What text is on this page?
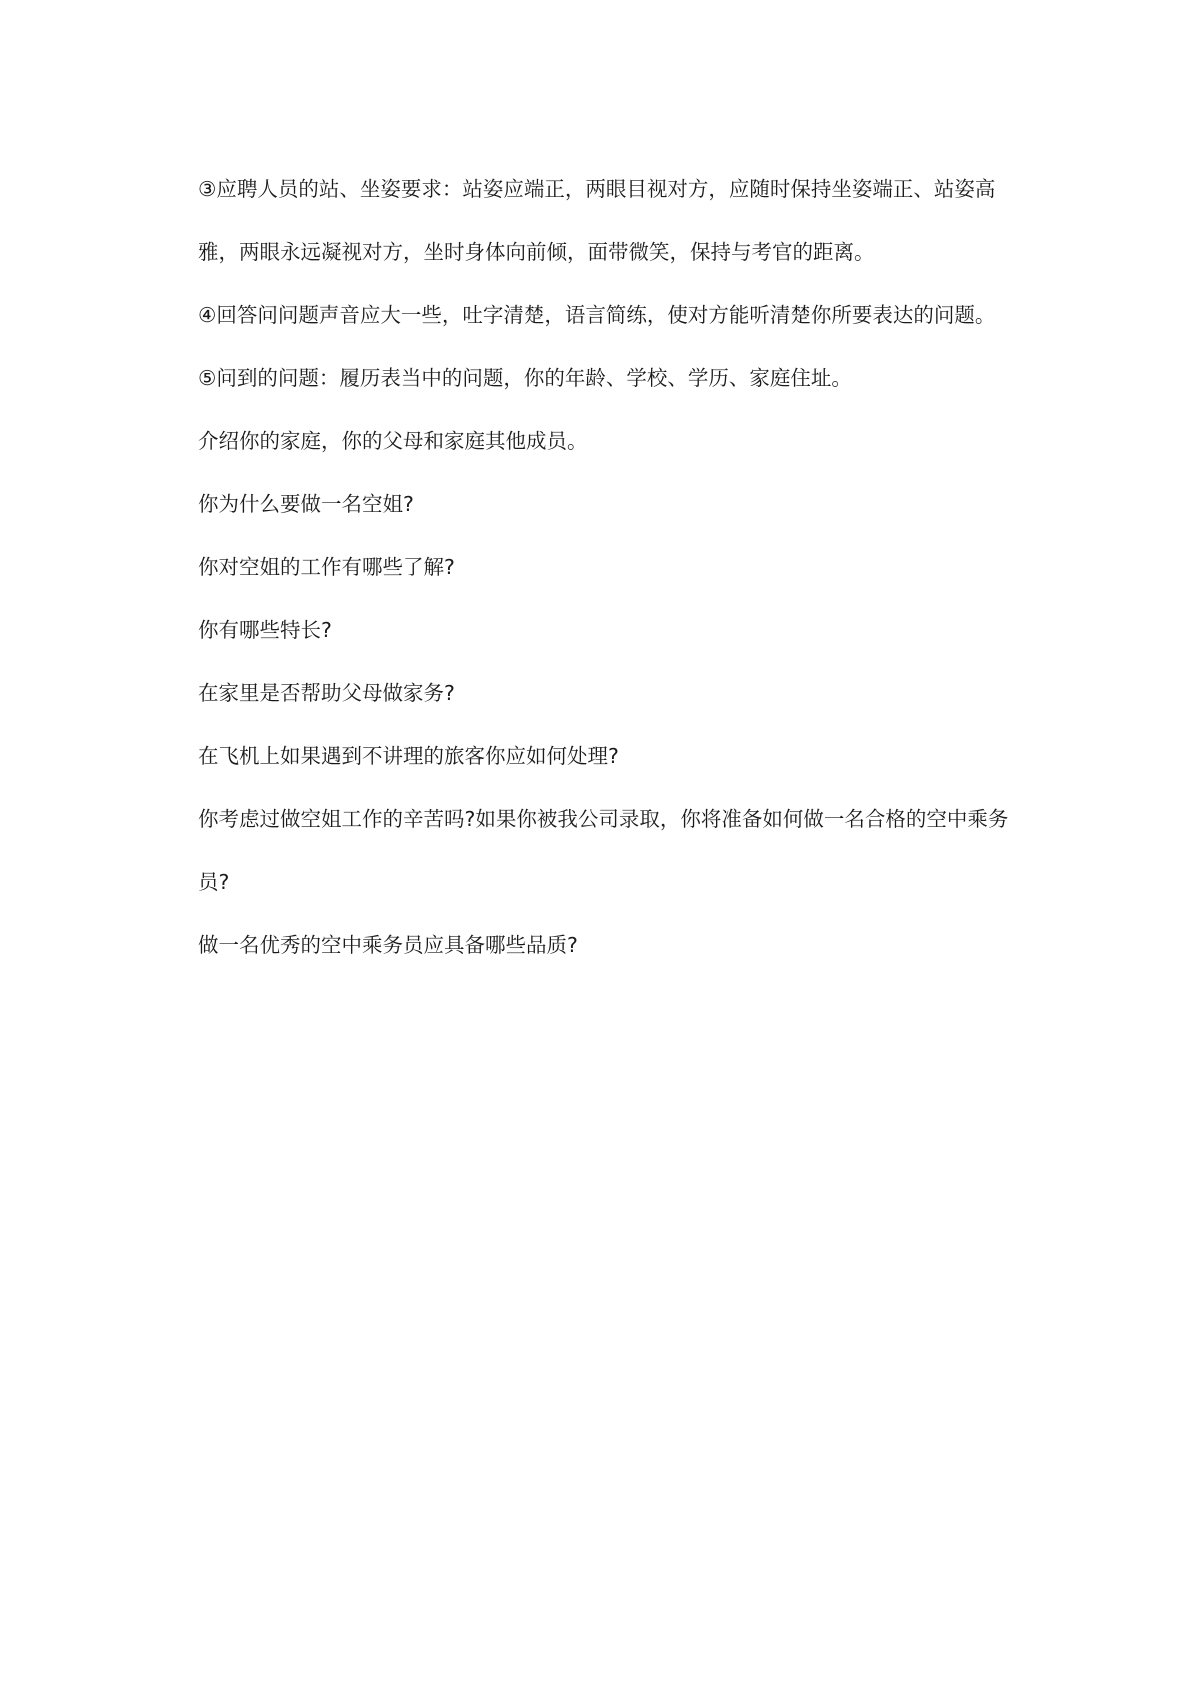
③应聘人员的站、坐姿要求：站姿应端正，两眼目视对方，应随时保持坐姿端正、站姿高雅，两眼永远凝视对方，坐时身体向前倾，面带微笑，保持与考官的距离。

④回答问问题声音应大一些，吐字清楚，语言简练，使对方能听清楚你所要表达的问题。

⑤问到的问题：履历表当中的问题，你的年龄、学校、学历、家庭住址。

介绍你的家庭，你的父母和家庭其他成员。

你为什么要做一名空姐?

你对空姐的工作有哪些了解?

你有哪些特长?

在家里是否帮助父母做家务?

在飞机上如果遇到不讲理的旅客你应如何处理?

你考虑过做空姐工作的辛苦吗?如果你被我公司录取，你将准备如何做一名合格的空中乘务员?

做一名优秀的空中乘务员应具备哪些品质?
